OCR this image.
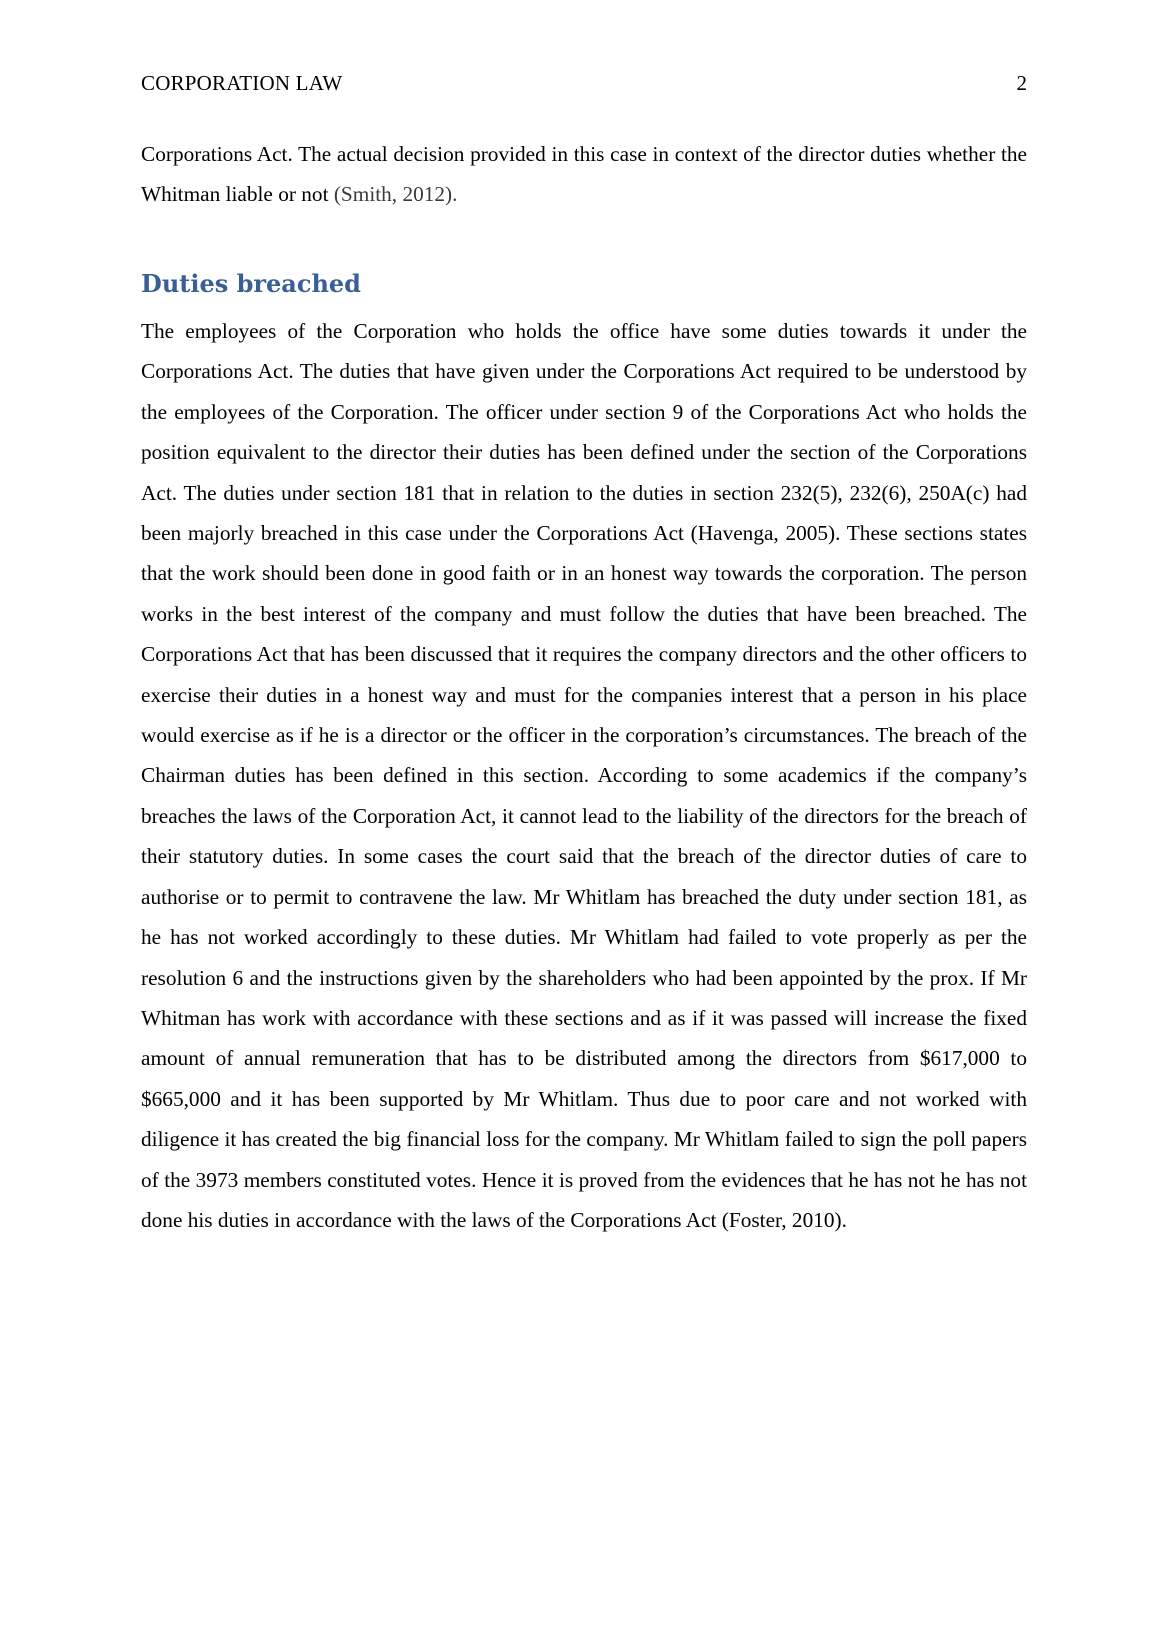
CORPORATION LAW	2

Corporations Act. The actual decision provided in this case in context of the director duties whether the Whitman liable or not (Smith, 2012).

Duties breached

The employees of the Corporation who holds the office have some duties towards it under the Corporations Act. The duties that have given under the Corporations Act required to be understood by the employees of the Corporation. The officer under section 9 of the Corporations Act who holds the position equivalent to the director their duties has been defined under the section of the Corporations Act. The duties under section 181 that in relation to the duties in section 232(5), 232(6), 250A(c) had been majorly breached in this case under the Corporations Act (Havenga, 2005). These sections states that the work should been done in good faith or in an honest way towards the corporation. The person works in the best interest of the company and must follow the duties that have been breached. The Corporations Act that has been discussed that it requires the company directors and the other officers to exercise their duties in a honest way and must for the companies interest that a person in his place would exercise as if he is a director or the officer in the corporation’s circumstances. The breach of the Chairman duties has been defined in this section. According to some academics if the company’s breaches the laws of the Corporation Act, it cannot lead to the liability of the directors for the breach of their statutory duties. In some cases the court said that the breach of the director duties of care to authorise or to permit to contravene the law. Mr Whitlam has breached the duty under section 181, as he has not worked accordingly to these duties. Mr Whitlam had failed to vote properly as per the resolution 6 and the instructions given by the shareholders who had been appointed by the prox. If Mr Whitman has work with accordance with these sections and as if it was passed will increase the fixed amount of annual remuneration that has to be distributed among the directors from $617,000 to $665,000 and it has been supported by Mr Whitlam. Thus due to poor care and not worked with diligence it has created the big financial loss for the company. Mr Whitlam failed to sign the poll papers of the 3973 members constituted votes. Hence it is proved from the evidences that he has not he has not done his duties in accordance with the laws of the Corporations Act (Foster, 2010).
